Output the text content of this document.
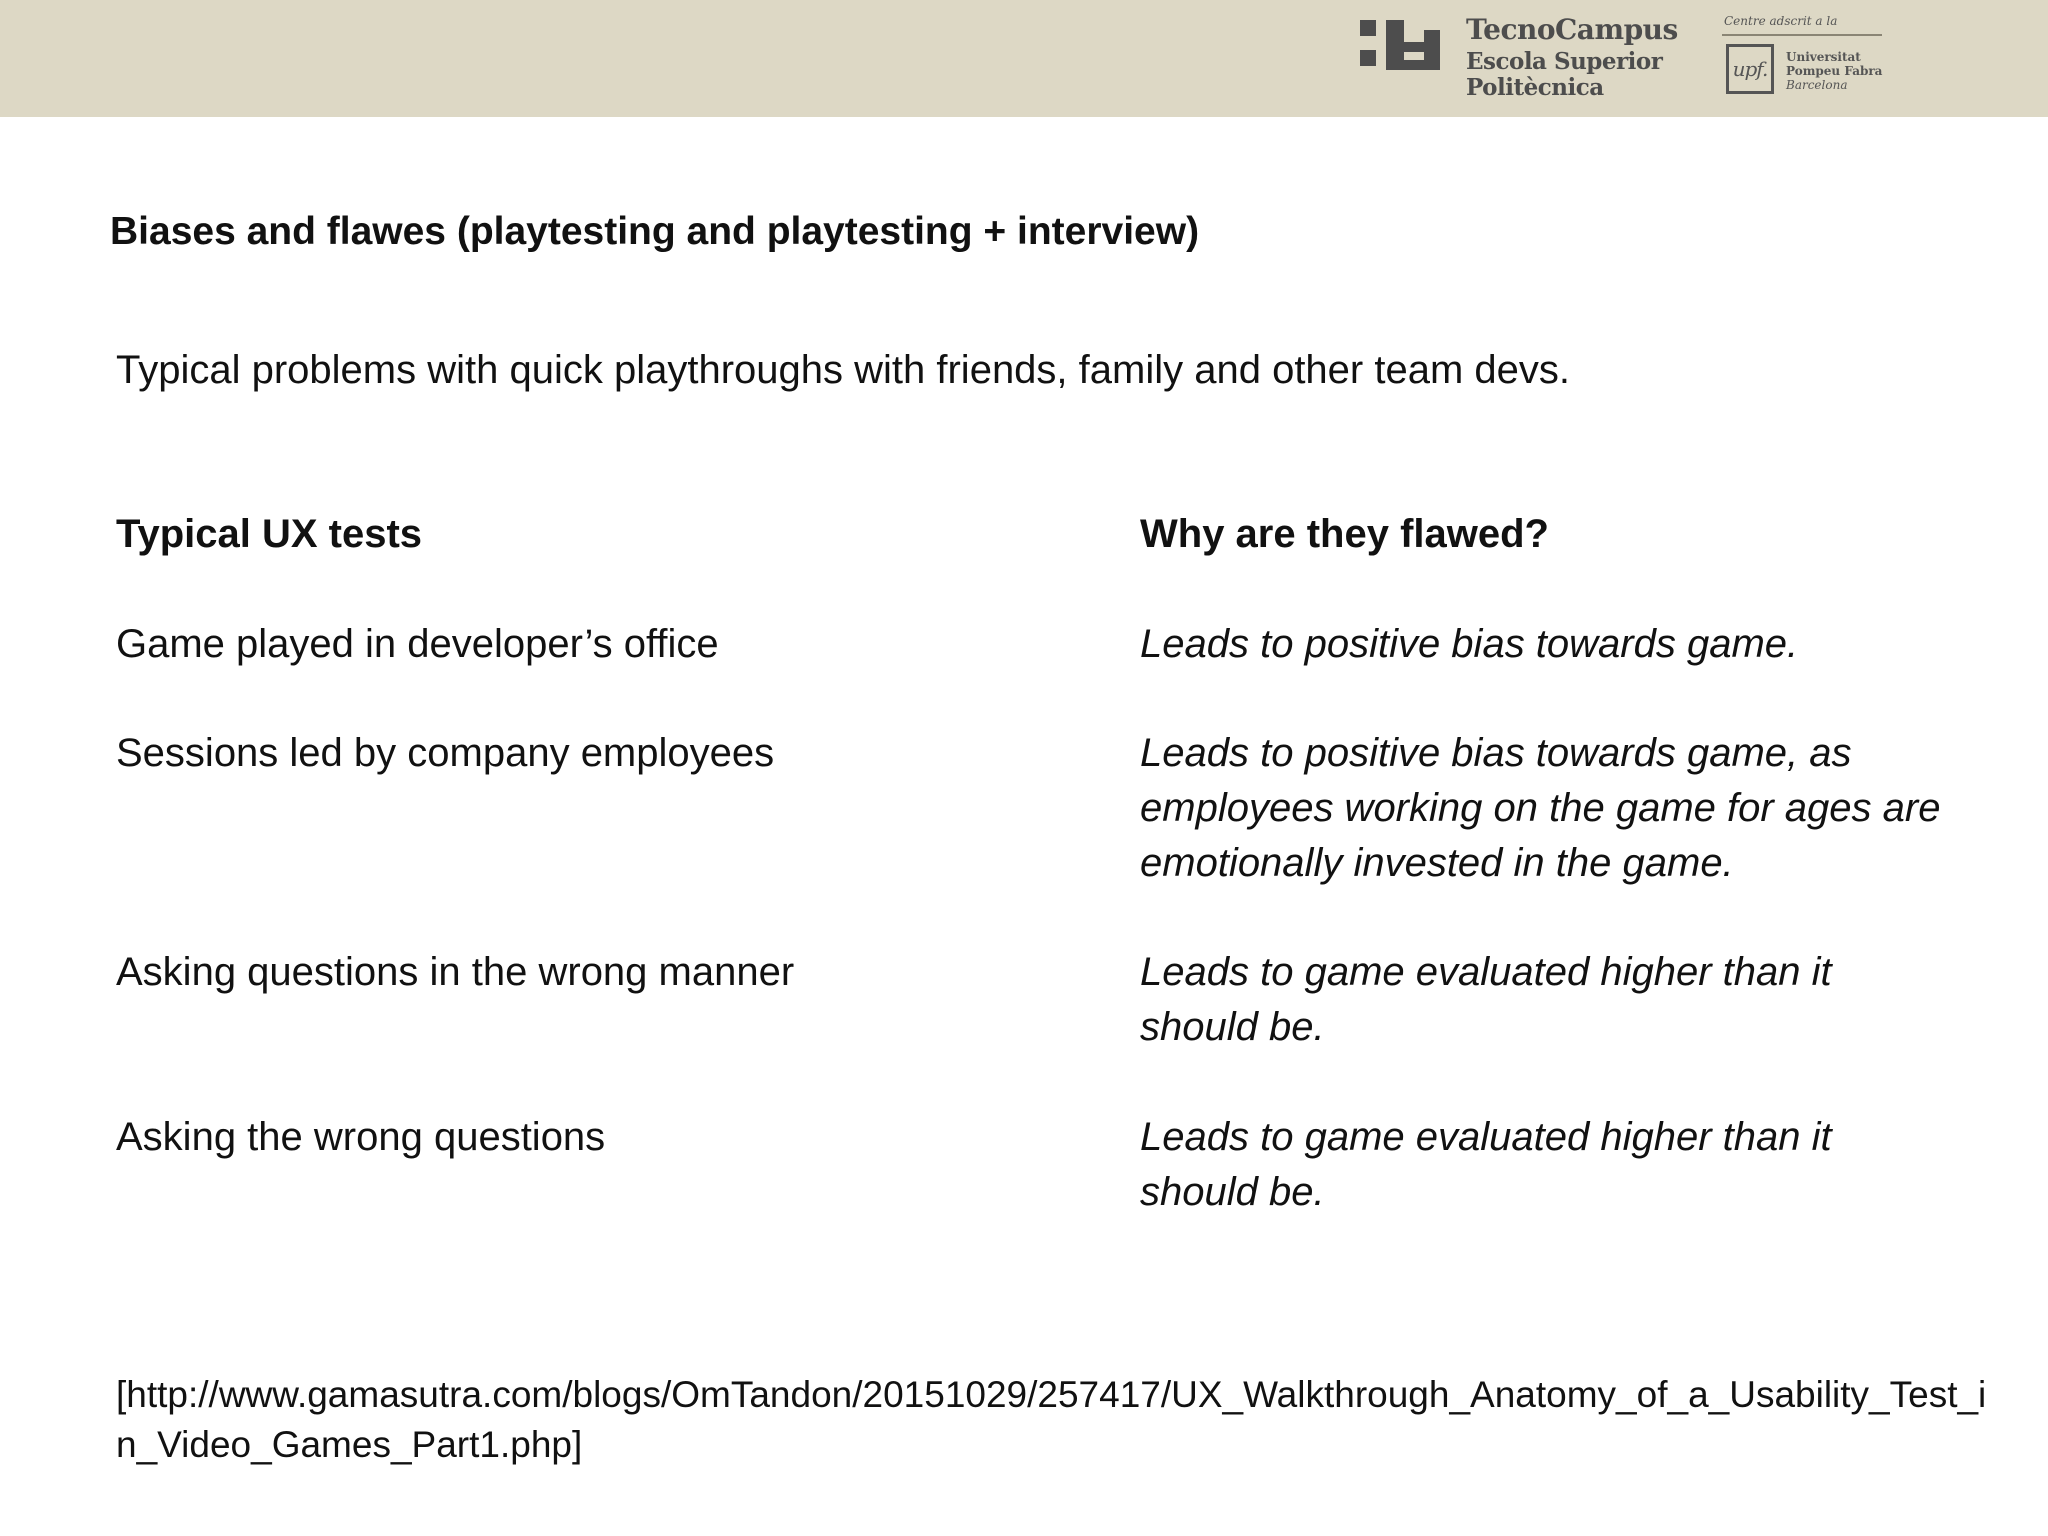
TecnoCampus
Escola Superior
Politècnica
Centre adscrit a la
upf. Universitat
Pompeu Fabra
Barcelona
Biases and flawes (playtesting and playtesting + interview)
Typical problems with quick playthroughs with friends, family and other team devs.
Typical UX tests	Why are they flawed?
Game played in developer’s office	Leads to positive bias towards game.
Sessions led by company employees	Leads to positive bias towards game, as employees working on the game for ages are emotionally invested in the game.
Asking questions in the wrong manner	Leads to game evaluated higher than it should be.
Asking the wrong questions	Leads to game evaluated higher than it should be.
[http://www.gamasutra.com/blogs/OmTandon/20151029/257417/UX_Walkthrough_Anatomy_of_a_Usability_Test_in_Video_Games_Part1.php]
